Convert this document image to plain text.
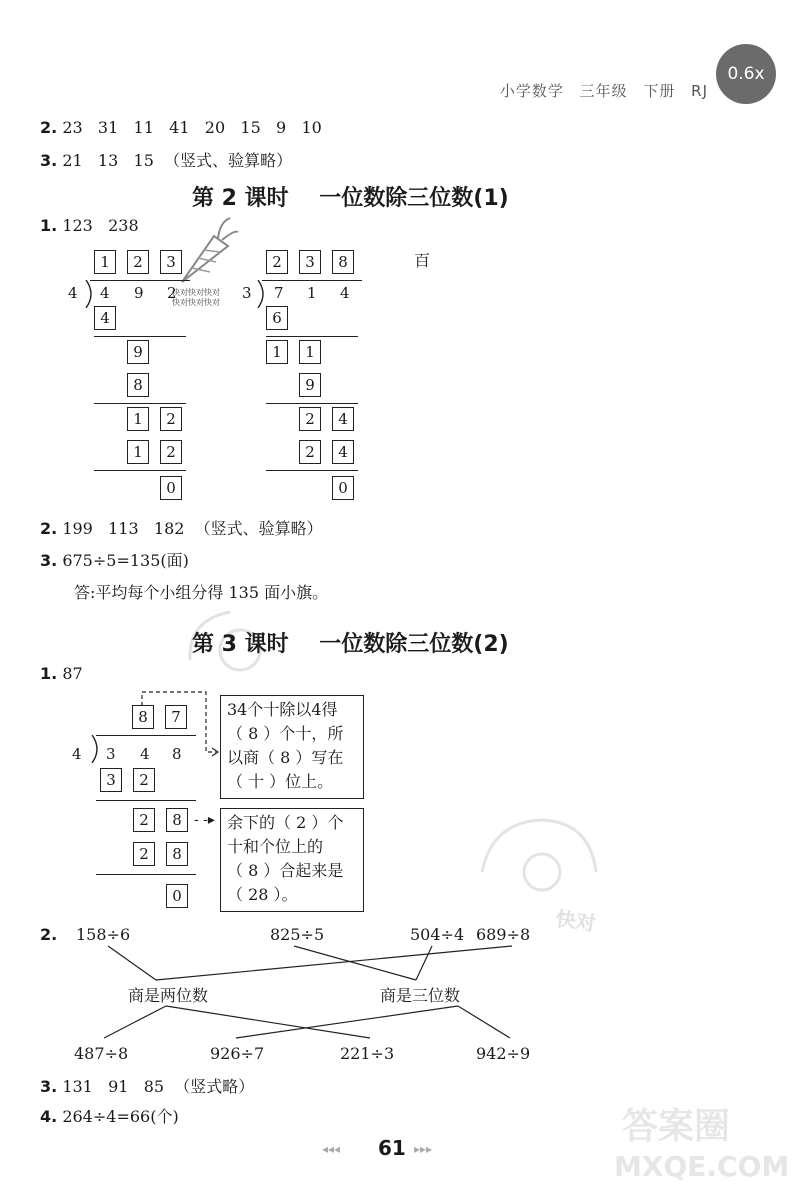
小学数学 三年级 下册 RJ
0.6x
2. 23   31   11   41   20   15   9   10
3. 21   13   15  （竖式、验算略）
第 2 课时    一位数除三位数(1)
1. 123   238
快对快对快对
快对快对快对
1	2	3
4 4 9 2
4
9
8
1	2
1	2
0
2	3	8
3 7 1 4
6
1	1
9
2	4
2	4
0
百
2. 199   113   182  （竖式、验算略）
3. 675÷5=135(面)
答:平均每个小组分得 135 面小旗。
第 3 课时    一位数除三位数(2)
1. 87
8	7
4 3 4 8
3	2
2	8 - -▸
2	8
0
34个十除以4得
（ 8 ）个十，所
以商（ 8 ）写在
（ 十 ）位上。
余下的（ 2 ）个
十和个位上的
（ 8 ）合起来是
（ 28 ）。
快对
2. 158÷6	825÷5	504÷4 689÷8
商是两位数	商是三位数
487÷8	926÷7	221÷3	942÷9
3. 131   91   85  （竖式略）
4. 264÷4=66(个)
◂◂◂ 61 ▸▸▸
答案圈
MXQE.COM
